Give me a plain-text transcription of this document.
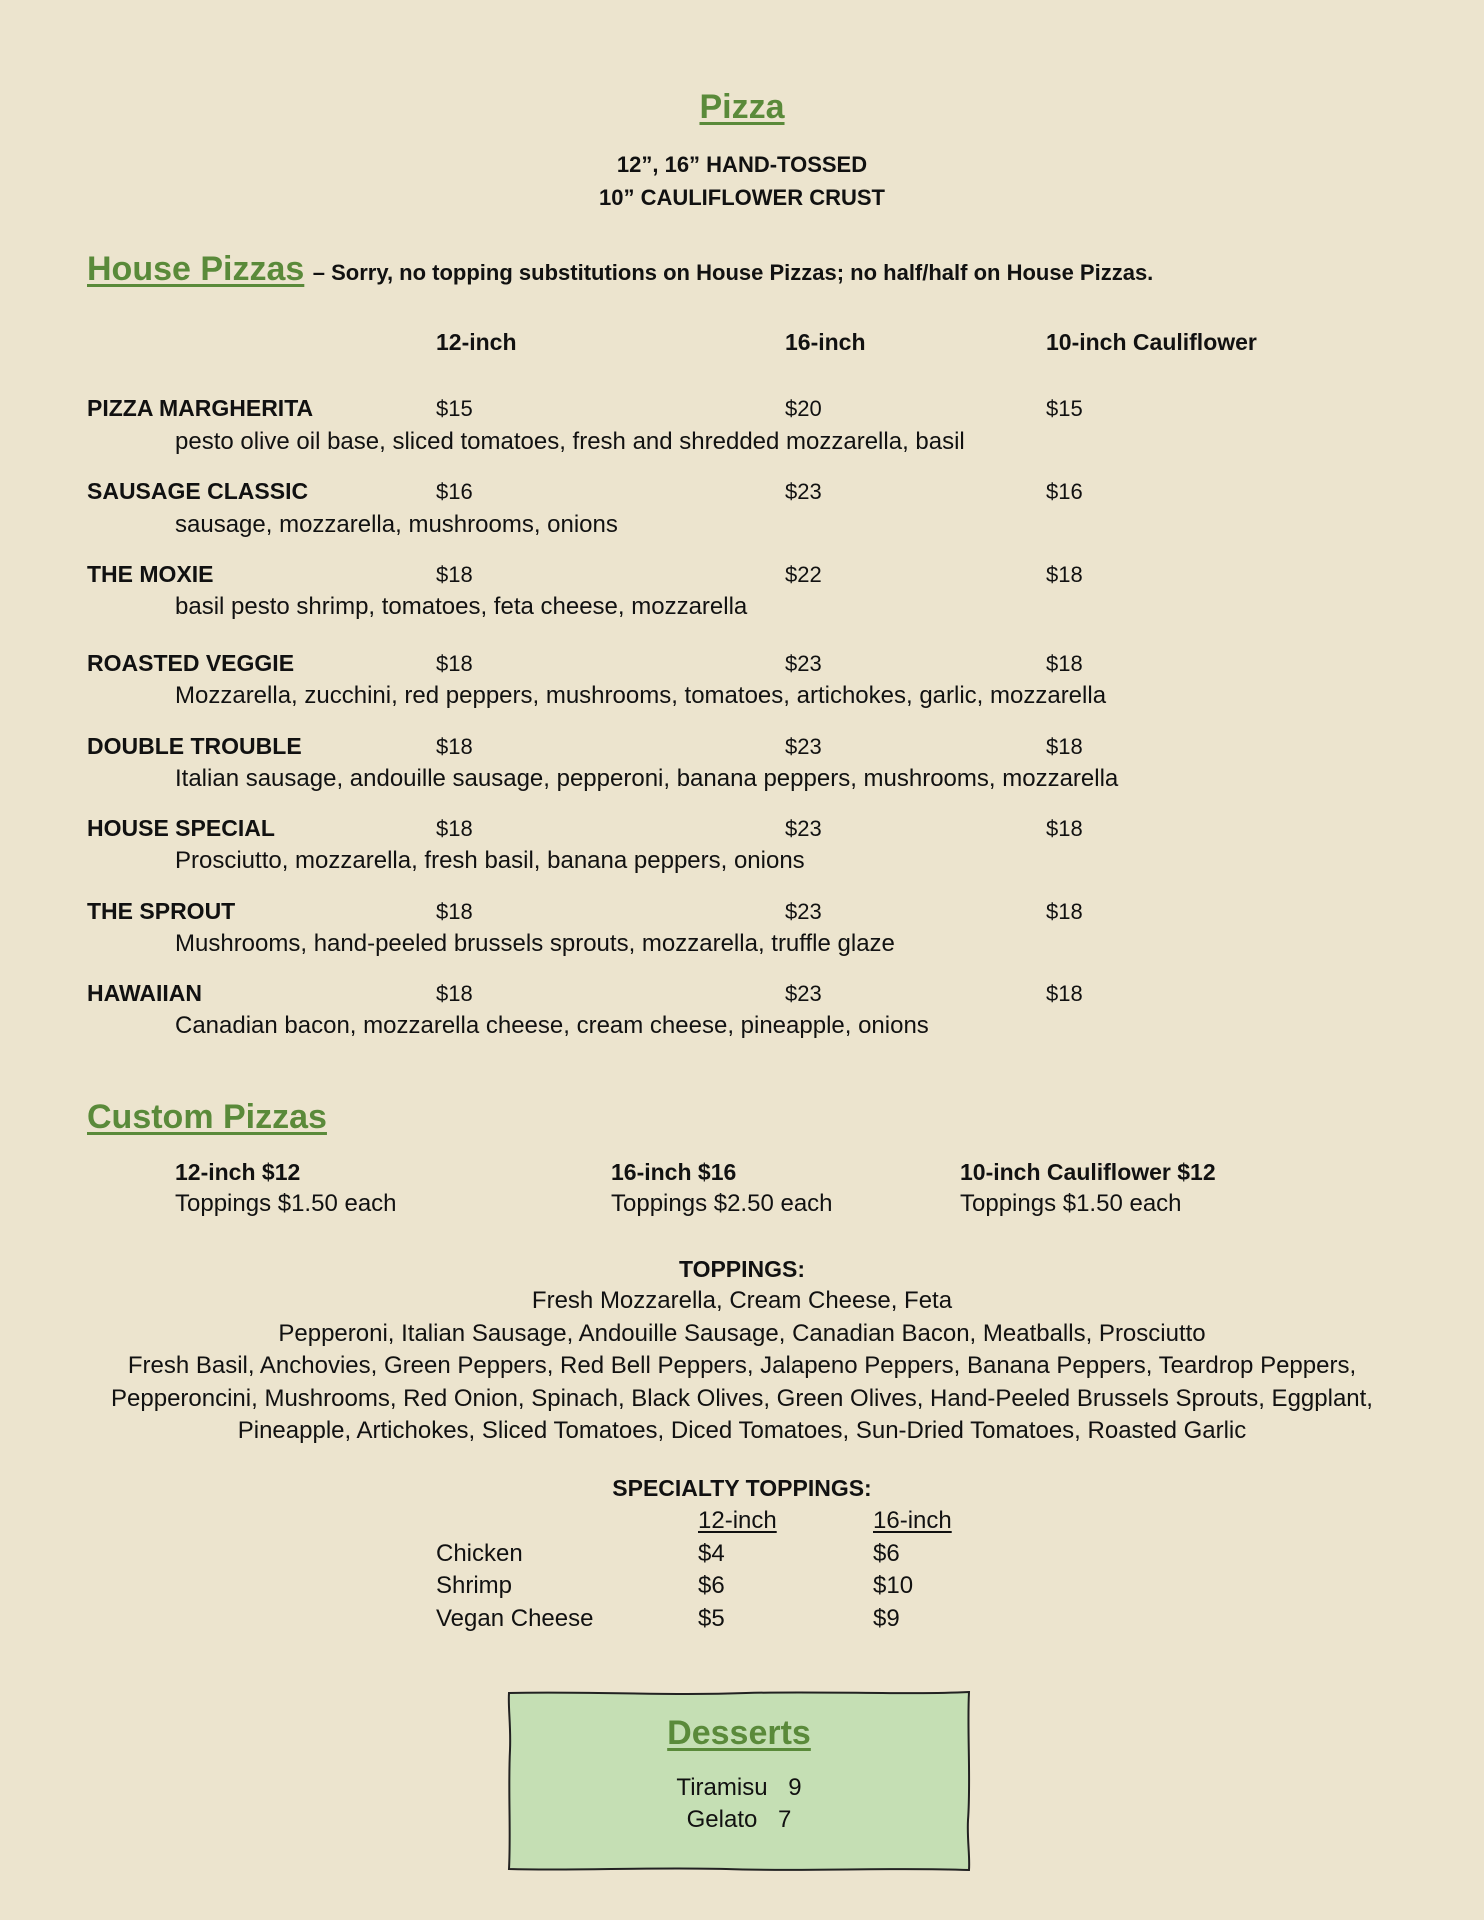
Pizza
12”, 16” HAND-TOSSED
10” CAULIFLOWER CRUST
House Pizzas – Sorry, no topping substitutions on House Pizzas; no half/half on House Pizzas.
12-inch	16-inch	10-inch Cauliflower
PIZZA MARGHERITA	$15	$20	$15
pesto olive oil base, sliced tomatoes, fresh and shredded mozzarella, basil
SAUSAGE CLASSIC	$16	$23	$16
sausage, mozzarella, mushrooms, onions
THE MOXIE	$18	$22	$18
basil pesto shrimp, tomatoes, feta cheese, mozzarella
ROASTED VEGGIE	$18	$23	$18
Mozzarella, zucchini, red peppers, mushrooms, tomatoes, artichokes, garlic, mozzarella
DOUBLE TROUBLE	$18	$23	$18
Italian sausage, andouille sausage, pepperoni, banana peppers, mushrooms, mozzarella
HOUSE SPECIAL	$18	$23	$18
Prosciutto, mozzarella, fresh basil, banana peppers, onions
THE SPROUT	$18	$23	$18
Mushrooms, hand-peeled brussels sprouts, mozzarella, truffle glaze
HAWAIIAN	$18	$23	$18
Canadian bacon, mozzarella cheese, cream cheese, pineapple, onions
Custom Pizzas
12-inch $12
Toppings $1.50 each
16-inch $16
Toppings $2.50 each
10-inch Cauliflower $12
Toppings $1.50 each
TOPPINGS:
Fresh Mozzarella, Cream Cheese, Feta
Pepperoni, Italian Sausage, Andouille Sausage, Canadian Bacon, Meatballs, Prosciutto
Fresh Basil, Anchovies, Green Peppers, Red Bell Peppers, Jalapeno Peppers, Banana Peppers, Teardrop Peppers,
Pepperoncini, Mushrooms, Red Onion, Spinach, Black Olives, Green Olives, Hand-Peeled Brussels Sprouts, Eggplant,
Pineapple, Artichokes, Sliced Tomatoes, Diced Tomatoes, Sun-Dried Tomatoes, Roasted Garlic
SPECIALTY TOPPINGS:
12-inch	16-inch
Chicken	$4	$6
Shrimp	$6	$10
Vegan Cheese	$5	$9
Desserts
Tiramisu 9
Gelato 7
